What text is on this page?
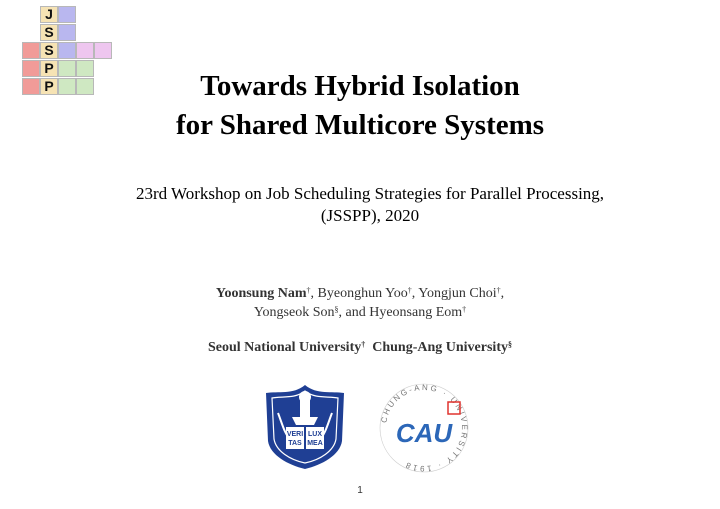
J
S
S
P
P	Towards Hybrid Isolation
for Shared Multicore Systems
23rd Workshop on Job Scheduling Strategies for Parallel Processing,
(JSSPP), 2020
Yoonsung Nam†, Byeonghun Yoo†, Yongjun Choi†,
Yongseok Son§, and Hyeonsang Eom†
Seoul National University† Chung-Ang University§
VERI LUX
TAS MEA
CHUNG-ANG · UNIVERSITY · 1918
CAU
1
